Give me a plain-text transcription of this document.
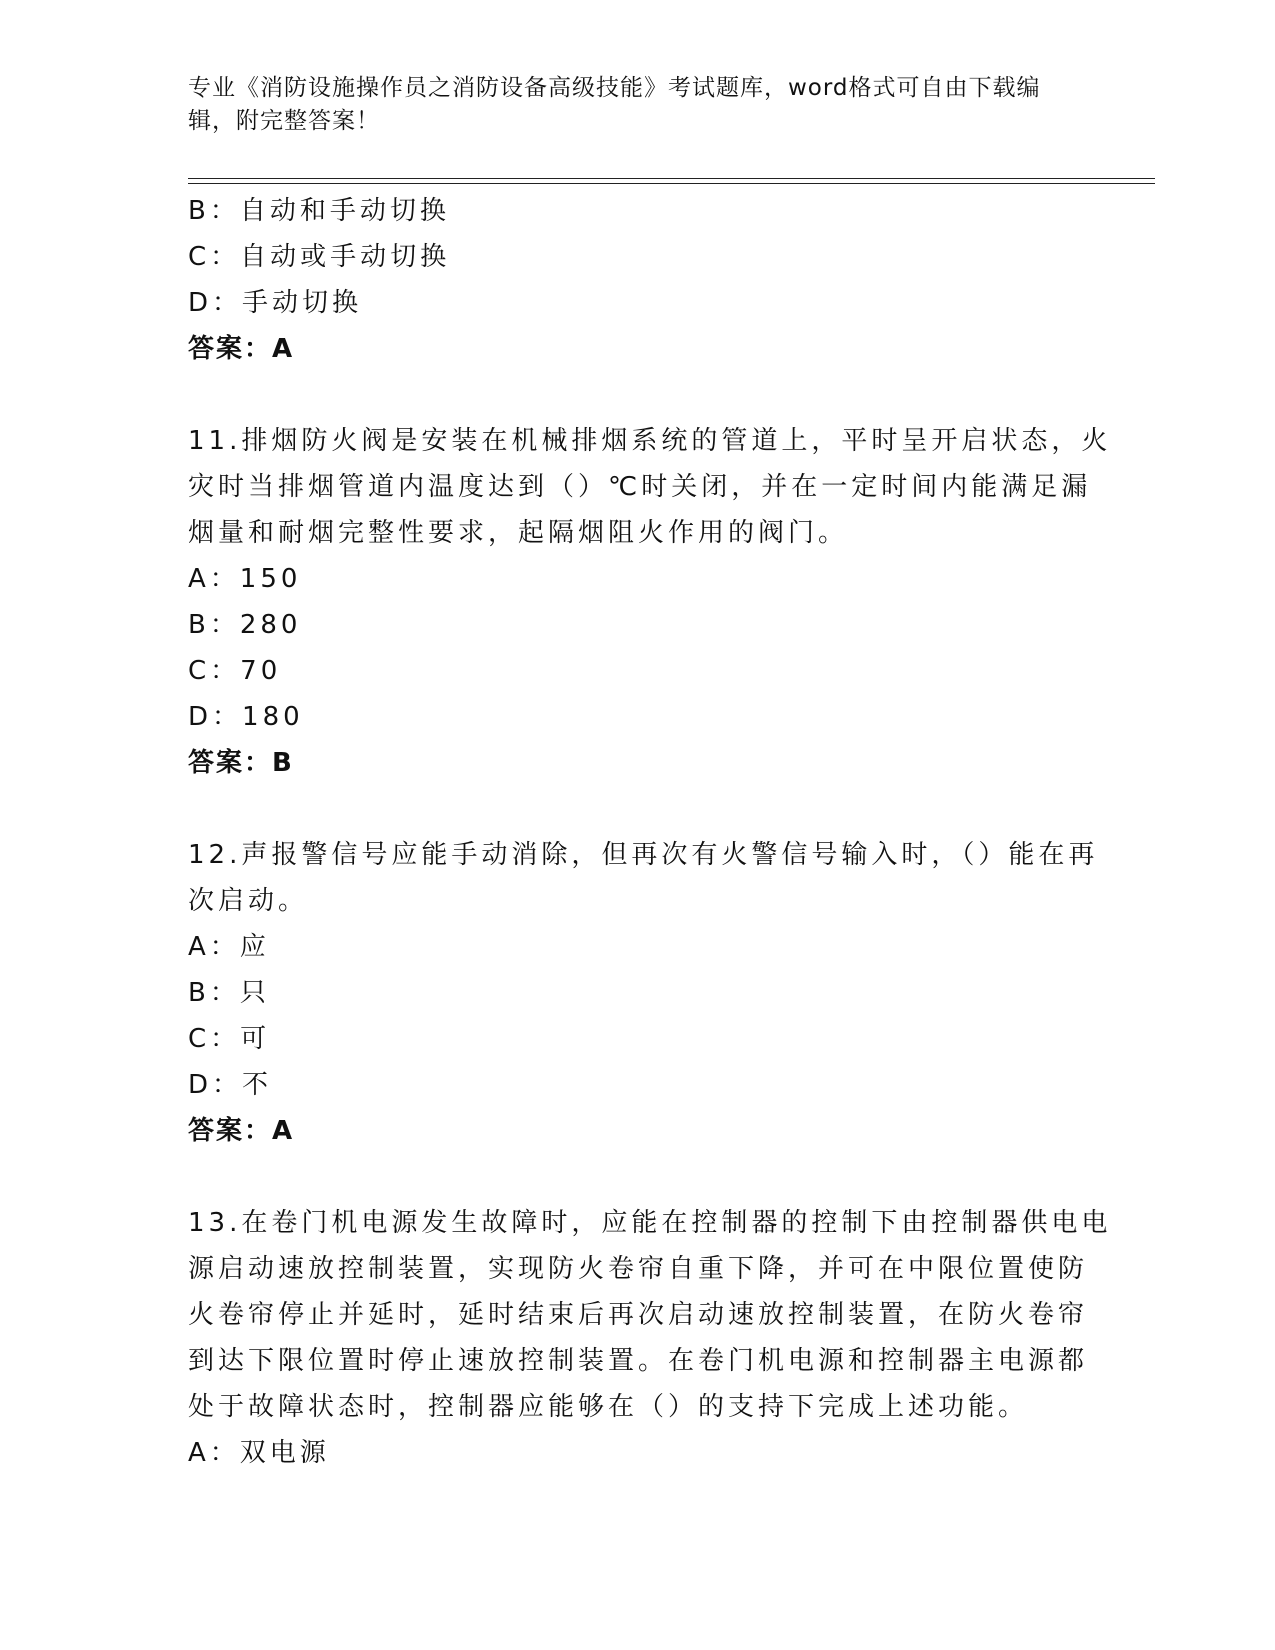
专业《消防设施操作员之消防设备高级技能》考试题库，word格式可自由下载编
辑，附完整答案！
B：自动和手动切换
C：自动或手动切换
D：手动切换
答案：A
11.排烟防火阀是安装在机械排烟系统的管道上，平时呈开启状态，火
灾时当排烟管道内温度达到（）℃时关闭，并在一定时间内能满足漏
烟量和耐烟完整性要求，起隔烟阻火作用的阀门。
A：150
B：280
C：70
D：180
答案：B
12.声报警信号应能手动消除，但再次有火警信号输入时，（）能在再
次启动。
A：应
B：只
C：可
D：不
答案：A
13.在卷门机电源发生故障时，应能在控制器的控制下由控制器供电电
源启动速放控制装置，实现防火卷帘自重下降，并可在中限位置使防
火卷帘停止并延时，延时结束后再次启动速放控制装置，在防火卷帘
到达下限位置时停止速放控制装置。在卷门机电源和控制器主电源都
处于故障状态时，控制器应能够在（）的支持下完成上述功能。
A：双电源
